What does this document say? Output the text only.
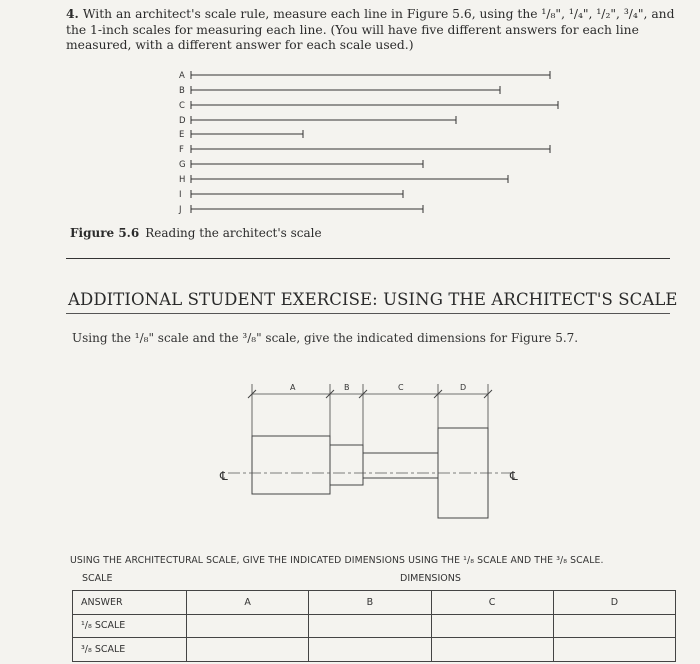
4. With an architect's scale rule, measure each line in Figure 5.6, using the ¹/₈", ¹/₄", ¹/₂", ³/₄", and the 1-inch scales for measuring each line. (You will have five different answers for each line measured, with a different answer for each scale used.)
A
B
C
D
E
F
G
H
I
J
Figure 5.6 Reading the architect's scale
ADDITIONAL STUDENT EXERCISE: USING THE ARCHITECT'S SCALE
Using the ¹/₈" scale and the ³/₈" scale, give the indicated dimensions for Figure 5.7.
A	B	C	D
℄	℄
USING THE ARCHITECTURAL SCALE, GIVE THE INDICATED DIMENSIONS USING THE ¹/₈ SCALE AND THE ³/₈ SCALE.
SCALE	DIMENSIONS
ANSWER	A	B	C	D
¹/₈ SCALE				
³/₈ SCALE				
